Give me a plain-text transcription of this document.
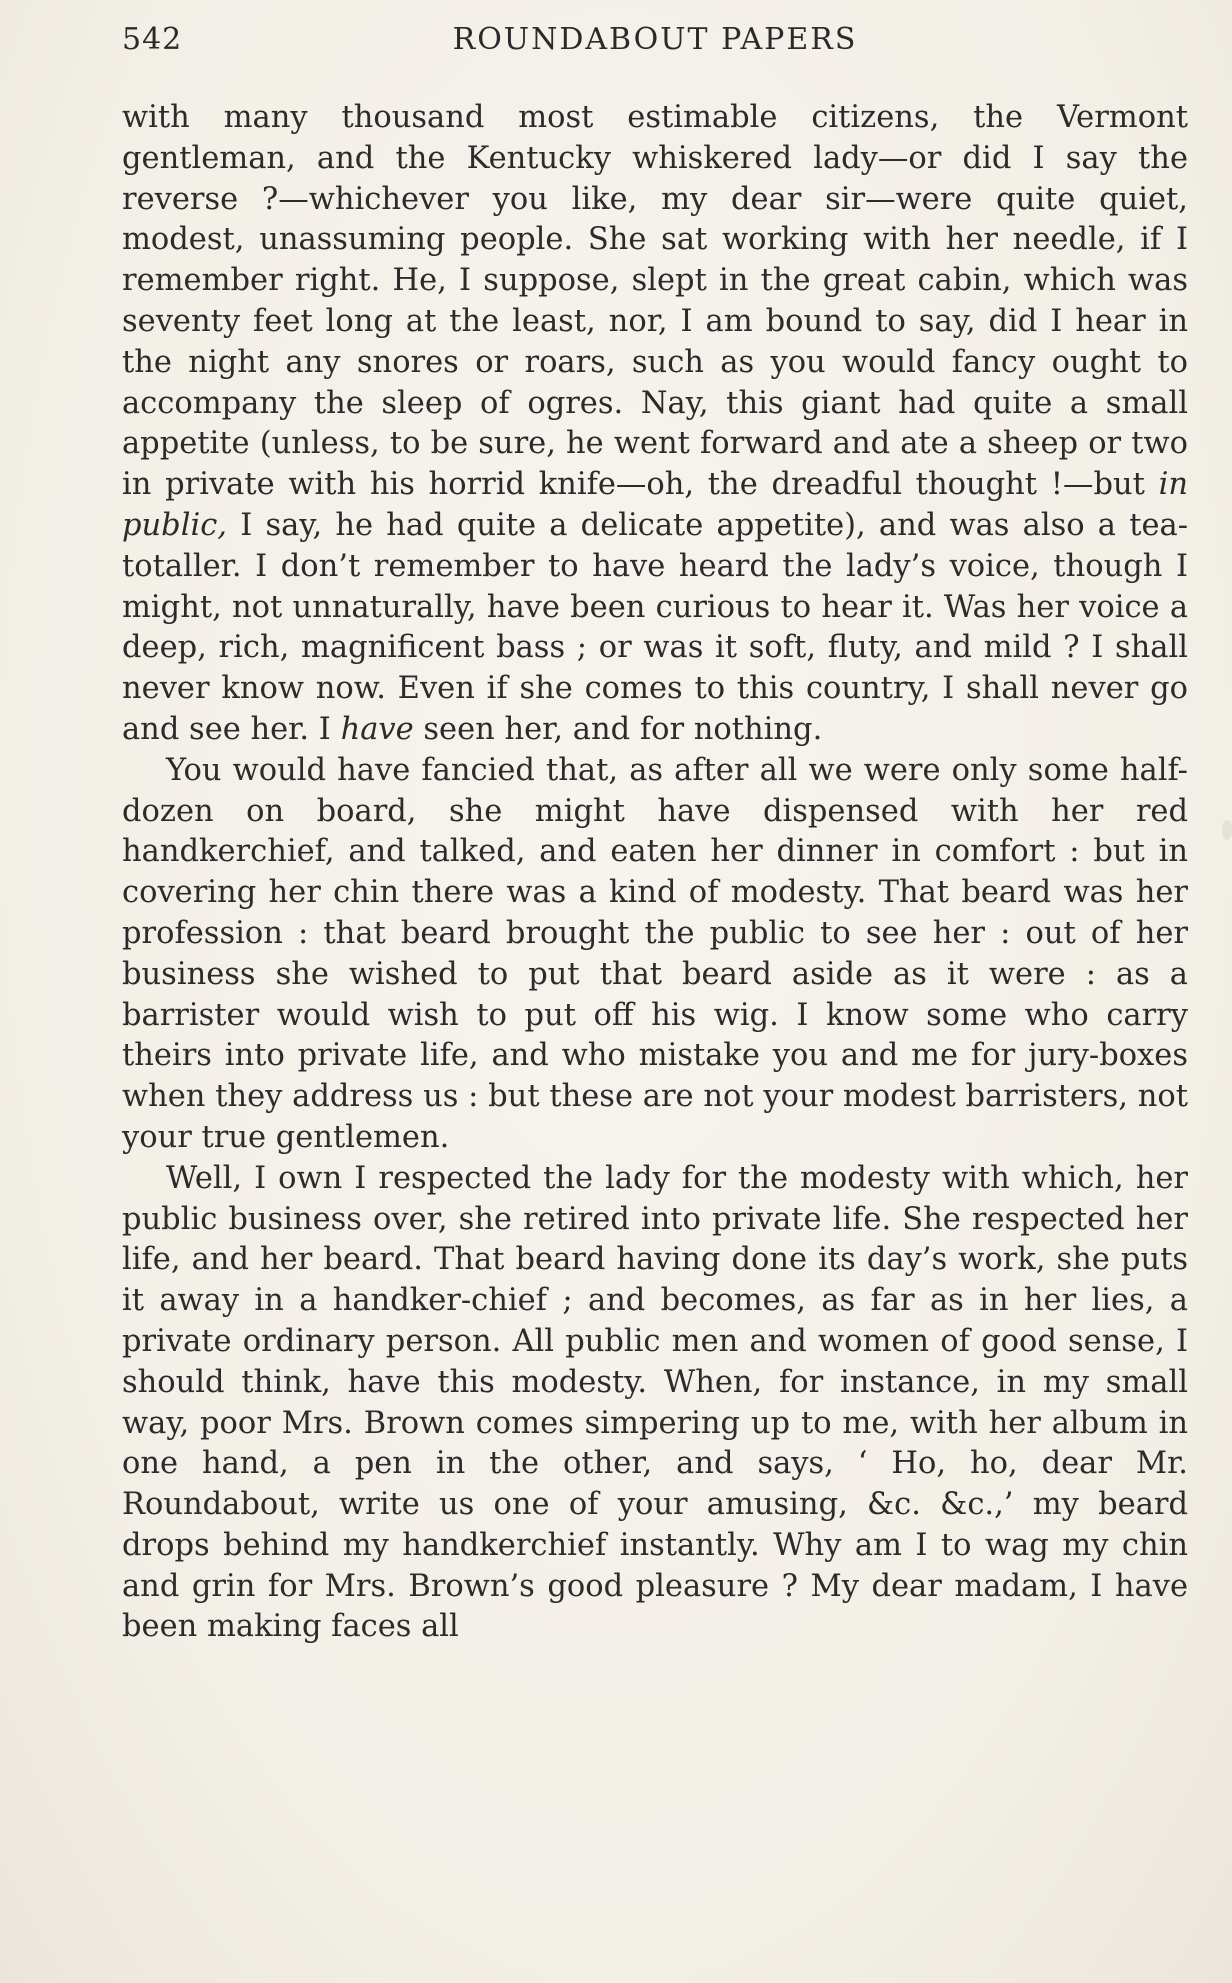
542	ROUNDABOUT PAPERS

with many thousand most estimable citizens, the Vermont gentleman, and the Kentucky whiskered lady—or did I say the reverse ?—whichever you like, my dear sir—were quite quiet, modest, unassuming people. She sat working with her needle, if I remember right. He, I suppose, slept in the great cabin, which was seventy feet long at the least, nor, I am bound to say, did I hear in the night any snores or roars, such as you would fancy ought to accompany the sleep of ogres. Nay, this giant had quite a small appetite (unless, to be sure, he went forward and ate a sheep or two in private with his horrid knife—oh, the dreadful thought !—but in public, I say, he had quite a delicate appetite), and was also a tea-totaller. I don’t remember to have heard the lady’s voice, though I might, not unnaturally, have been curious to hear it. Was her voice a deep, rich, magnificent bass ; or was it soft, fluty, and mild ? I shall never know now. Even if she comes to this country, I shall never go and see her. I have seen her, and for nothing.

You would have fancied that, as after all we were only some half-dozen on board, she might have dispensed with her red handkerchief, and talked, and eaten her dinner in comfort : but in covering her chin there was a kind of modesty. That beard was her profession : that beard brought the public to see her : out of her business she wished to put that beard aside as it were : as a barrister would wish to put off his wig. I know some who carry theirs into private life, and who mistake you and me for jury-boxes when they address us : but these are not your modest barristers, not your true gentlemen.

Well, I own I respected the lady for the modesty with which, her public business over, she retired into private life. She respected her life, and her beard. That beard having done its day’s work, she puts it away in a handker-chief ; and becomes, as far as in her lies, a private ordinary person. All public men and women of good sense, I should think, have this modesty. When, for instance, in my small way, poor Mrs. Brown comes simpering up to me, with her album in one hand, a pen in the other, and says, ‘ Ho, ho, dear Mr. Roundabout, write us one of your amusing, &c. &c.,’ my beard drops behind my handkerchief instantly. Why am I to wag my chin and grin for Mrs. Brown’s good pleasure ? My dear madam, I have been making faces all
